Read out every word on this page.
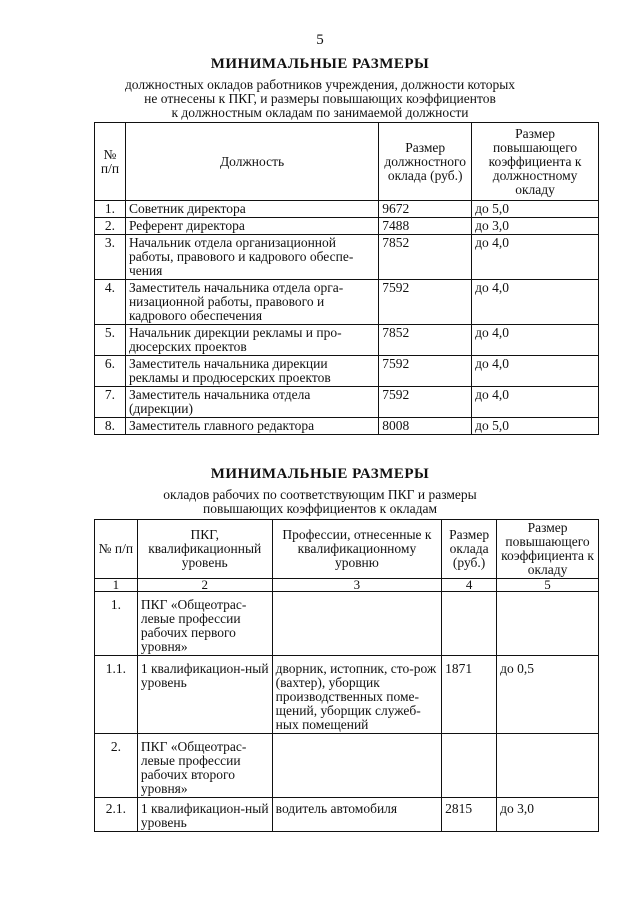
5
МИНИМАЛЬНЫЕ РАЗМЕРЫ
должностных окладов работников учреждения, должности которых
не отнесены к ПКГ, и размеры повышающих коэффициентов
к должностным окладам по занимаемой должности
№ п/п	Должность	Размер должностного оклада (руб.)	Размер повышающего коэффициента к должностному окладу
1.	Советник директора	9672	до 5,0
2.	Референт директора	7488	до 3,0
3.	Начальник отдела организационной работы, правового и кадрового обеспе-чения	7852	до 4,0
4.	Заместитель начальника отдела орга-низационной работы, правового и кадрового обеспечения	7592	до 4,0
5.	Начальник дирекции рекламы и про-дюсерских проектов	7852	до 4,0
6.	Заместитель начальника дирекции рекламы и продюсерских проектов	7592	до 4,0
7.	Заместитель начальника отдела (дирекции)	7592	до 4,0
8.	Заместитель главного редактора	8008	до 5,0
МИНИМАЛЬНЫЕ РАЗМЕРЫ
окладов рабочих по соответствующим ПКГ и размеры
повышающих коэффициентов к окладам
№ п/п	ПКГ, квалификационный уровень	Профессии, отнесенные к квалификационному уровню	Размер оклада (руб.)	Размер повышающего коэффициента к окладу
1	2	3	4	5
1.	ПКГ «Общеотрас-левые профессии рабочих первого уровня»			
1.1.	1 квалификацион-ный уровень	дворник, истопник, сто-рож (вахтер), уборщик производственных поме-щений, уборщик служеб-ных помещений	1871	до 0,5
2.	ПКГ «Общеотрас-левые профессии рабочих второго уровня»			
2.1.	1 квалификацион-ный уровень	водитель автомобиля	2815	до 3,0
